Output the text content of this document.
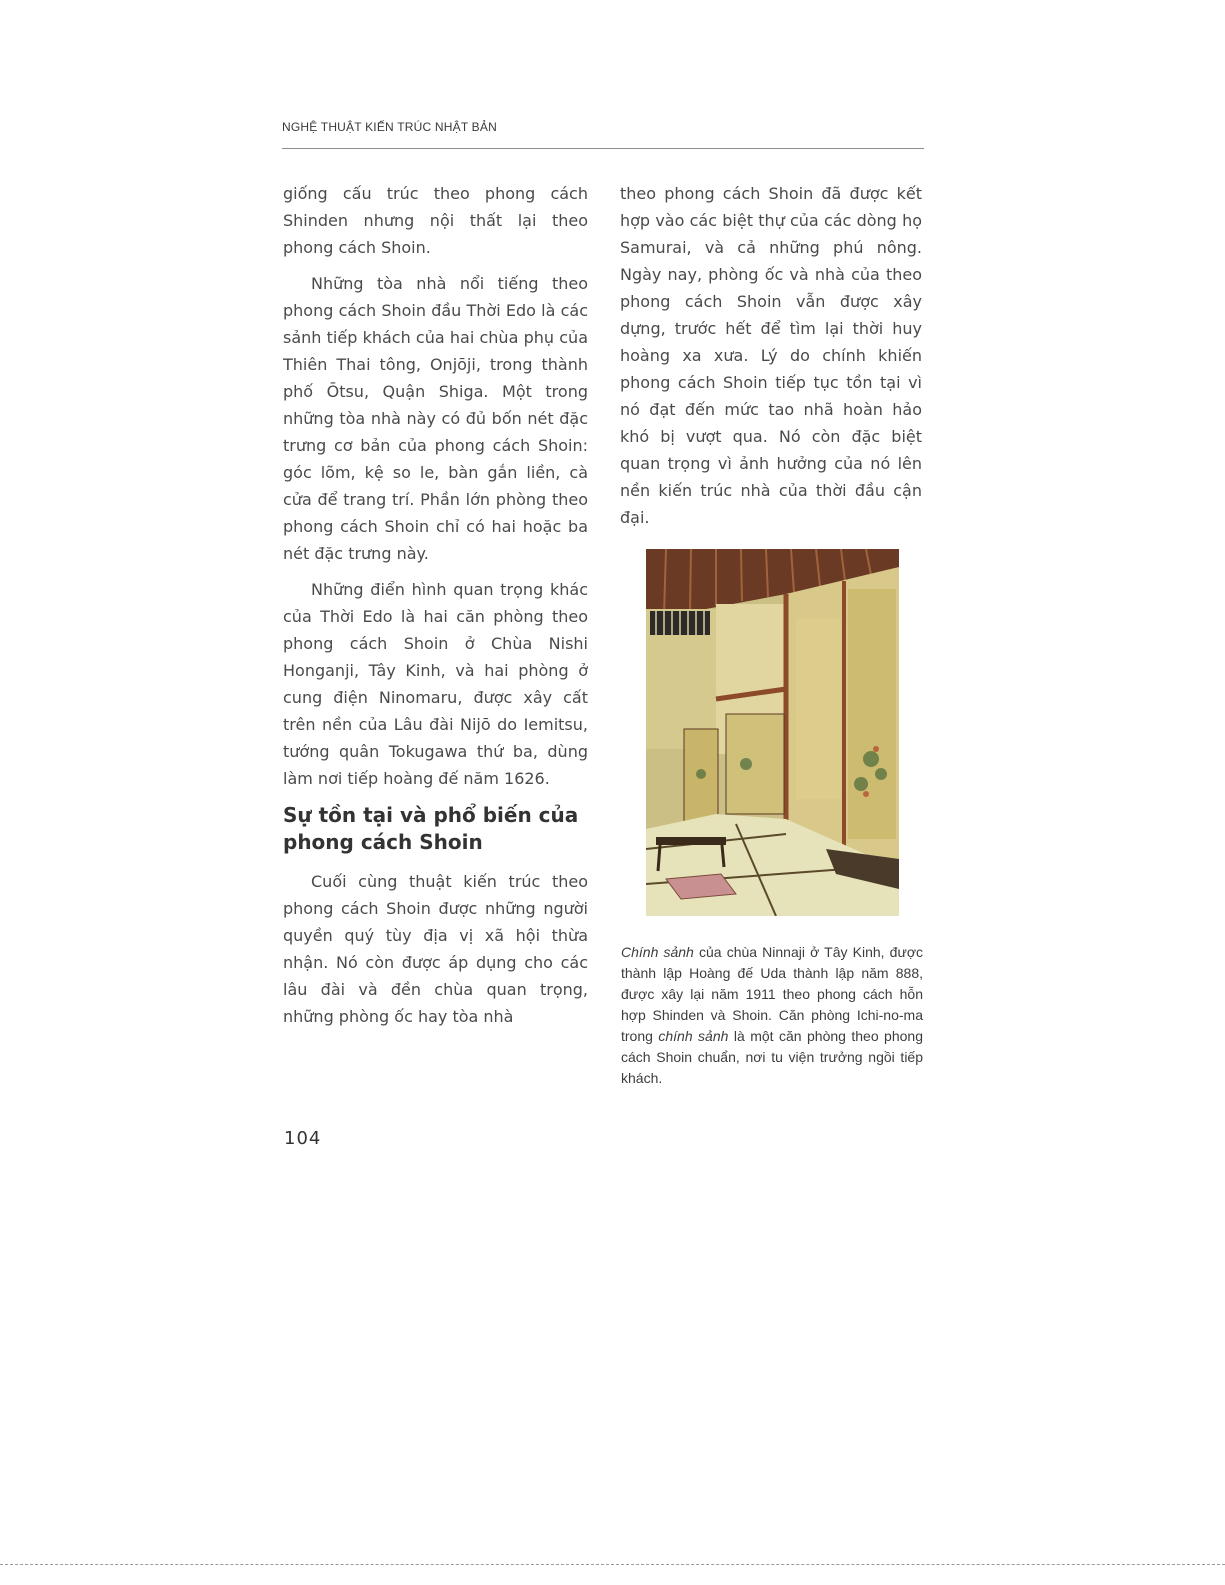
NGHỆ THUẬT KIẾN TRÚC NHẬT BẢN

giống cấu trúc theo phong cách Shinden nhưng nội thất lại theo phong cách Shoin.

Những tòa nhà nổi tiếng theo phong cách Shoin đầu Thời Edo là các sảnh tiếp khách của hai chùa phụ của Thiên Thai tông, Onjōji, trong thành phố Ōtsu, Quận Shiga. Một trong những tòa nhà này có đủ bốn nét đặc trưng cơ bản của phong cách Shoin: góc lõm, kệ so le, bàn gắn liền, cà cửa để trang trí. Phần lớn phòng theo phong cách Shoin chỉ có hai hoặc ba nét đặc trưng này.

Những điển hình quan trọng khác của Thời Edo là hai căn phòng theo phong cách Shoin ở Chùa Nishi Honganji, Tây Kinh, và hai phòng ở cung điện Ninomaru, được xây cất trên nền của Lâu đài Nijō do Iemitsu, tướng quân Tokugawa thứ ba, dùng làm nơi tiếp hoàng đế năm 1626.

Sự tồn tại và phổ biến của phong cách Shoin

Cuối cùng thuật kiến trúc theo phong cách Shoin được những người quyền quý tùy địa vị xã hội thừa nhận. Nó còn được áp dụng cho các lâu đài và đền chùa quan trọng, những phòng ốc hay tòa nhà

theo phong cách Shoin đã được kết hợp vào các biệt thự của các dòng họ Samurai, và cả những phú nông. Ngày nay, phòng ốc và nhà của theo phong cách Shoin vẫn được xây dựng, trước hết để tìm lại thời huy hoàng xa xưa. Lý do chính khiến phong cách Shoin tiếp tục tồn tại vì nó đạt đến mức tao nhã hoàn hảo khó bị vượt qua. Nó còn đặc biệt quan trọng vì ảnh hưởng của nó lên nền kiến trúc nhà của thời đầu cận đại.

Chính sảnh của chùa Ninnaji ở Tây Kinh, được thành lập Hoàng đế Uda thành lập năm 888, được xây lại năm 1911 theo phong cách hỗn hợp Shinden và Shoin. Căn phòng Ichi-no-ma trong chính sảnh là một căn phòng theo phong cách Shoin chuẩn, nơi tu viện trưởng ngồi tiếp khách.
104
